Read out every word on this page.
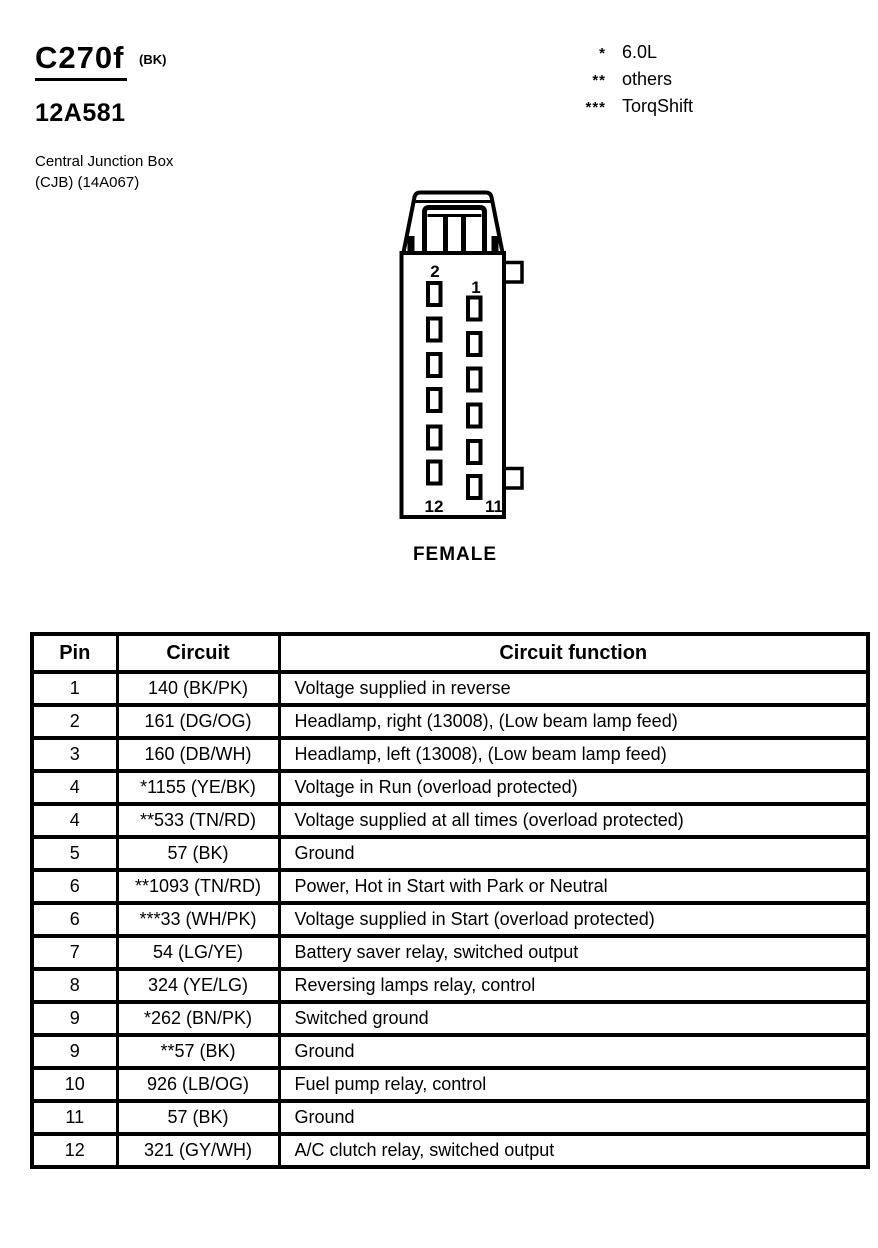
C270f (BK)
12A581
Central Junction Box
(CJB) (14A067)
* 6.0L
** others
*** TorqShift
2
1
12 11
FEMALE
Pin	Circuit	Circuit function
1	140 (BK/PK)	Voltage supplied in reverse
2	161 (DG/OG)	Headlamp, right (13008), (Low beam lamp feed)
3	160 (DB/WH)	Headlamp, left (13008), (Low beam lamp feed)
4	*1155 (YE/BK)	Voltage in Run (overload protected)
4	**533 (TN/RD)	Voltage supplied at all times (overload protected)
5	57 (BK)	Ground
6	**1093 (TN/RD)	Power, Hot in Start with Park or Neutral
6	***33 (WH/PK)	Voltage supplied in Start (overload protected)
7	54 (LG/YE)	Battery saver relay, switched output
8	324 (YE/LG)	Reversing lamps relay, control
9	*262 (BN/PK)	Switched ground
9	**57 (BK)	Ground
10	926 (LB/OG)	Fuel pump relay, control
11	57 (BK)	Ground
12	321 (GY/WH)	A/C clutch relay, switched output
